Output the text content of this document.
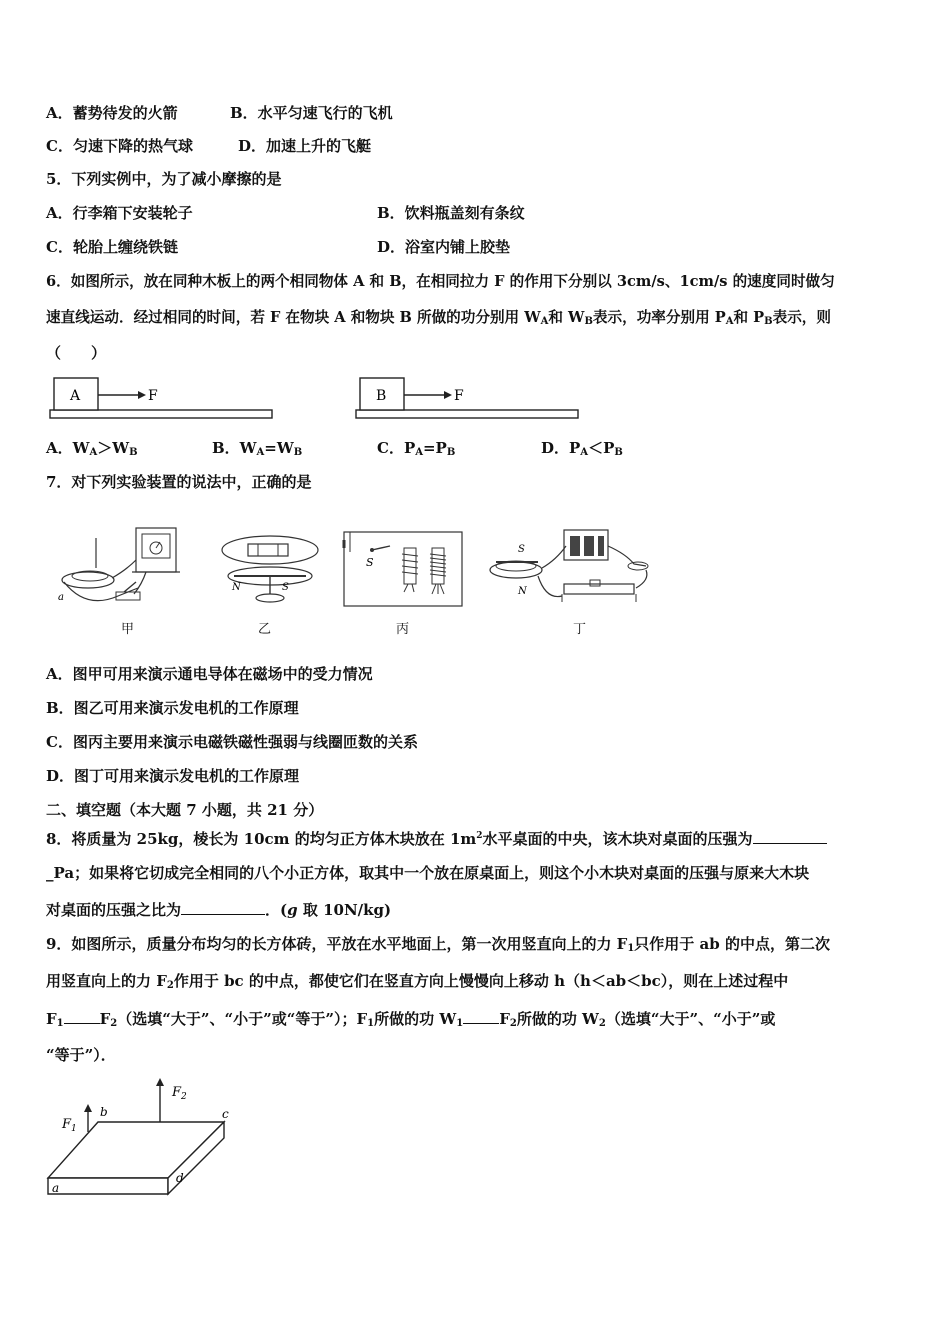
A．蓄势待发的火箭	B．水平匀速飞行的飞机
C．匀速下降的热气球	D．加速上升的飞艇
5．下列实例中，为了减小摩擦的是
A．行李箱下安装轮子	B．饮料瓶盖刻有条纹
C．轮胎上缠绕铁链	D．浴室内铺上胶垫
6．如图所示，放在同种木板上的两个相同物体 A 和 B，在相同拉力 F 的作用下分别以 3cm/s、1cm/s 的速度同时做匀
速直线运动．经过相同的时间，若 F 在物块 A 和物块 B 所做的功分别用 $W_A$和 $W_B$表示，功率分别用 $P_A$和 $P_B$表示，则
（　　）
A	F	B	F
A．$W_A>W_B$	B．$W_A=W_B$	C．$P_A=P_B$	D．$P_A<P_B$
7．对下列实验装置的说法中，正确的是
a
N	S
S
S
N
甲	乙	丙	丁
A．图甲可用来演示通电导体在磁场中的受力情况
B．图乙可用来演示发电机的工作原理
C．图丙主要用来演示电磁铁磁性强弱与线圈匝数的关系
D．图丁可用来演示发电机的工作原理
二、填空题（本大题 7 小题，共 21 分）
8．将质量为 25kg，棱长为 10cm 的均匀正方体木块放在 $1m^2$水平桌面的中央，该木块对桌面的压强为
_Pa；如果将它切成完全相同的八个小正方体，取其中一个放在原桌面上，则这个小木块对桌面的压强与原来大木块
对桌面的压强之比为	．(g 取 10N/kg)
9．如图所示，质量分布均匀的长方体砖，平放在水平地面上，第一次用竖直向上的力 $F_1$只作用于 ab 的中点，第二次
用竖直向上的力 $F_2$作用于 bc 的中点，都使它们在竖直方向上慢慢向上移动 h（h＜ab＜bc），则在上述过程中
$F_1$ $F_2$（选填“大于”、“小于”或“等于”）；$F_1$所做的功 $W_1$ $F_2$所做的功 $W_2$（选填“大于”、“小于”或
“等于”）．
$F_1$
$F_2$
b	c
d
a
